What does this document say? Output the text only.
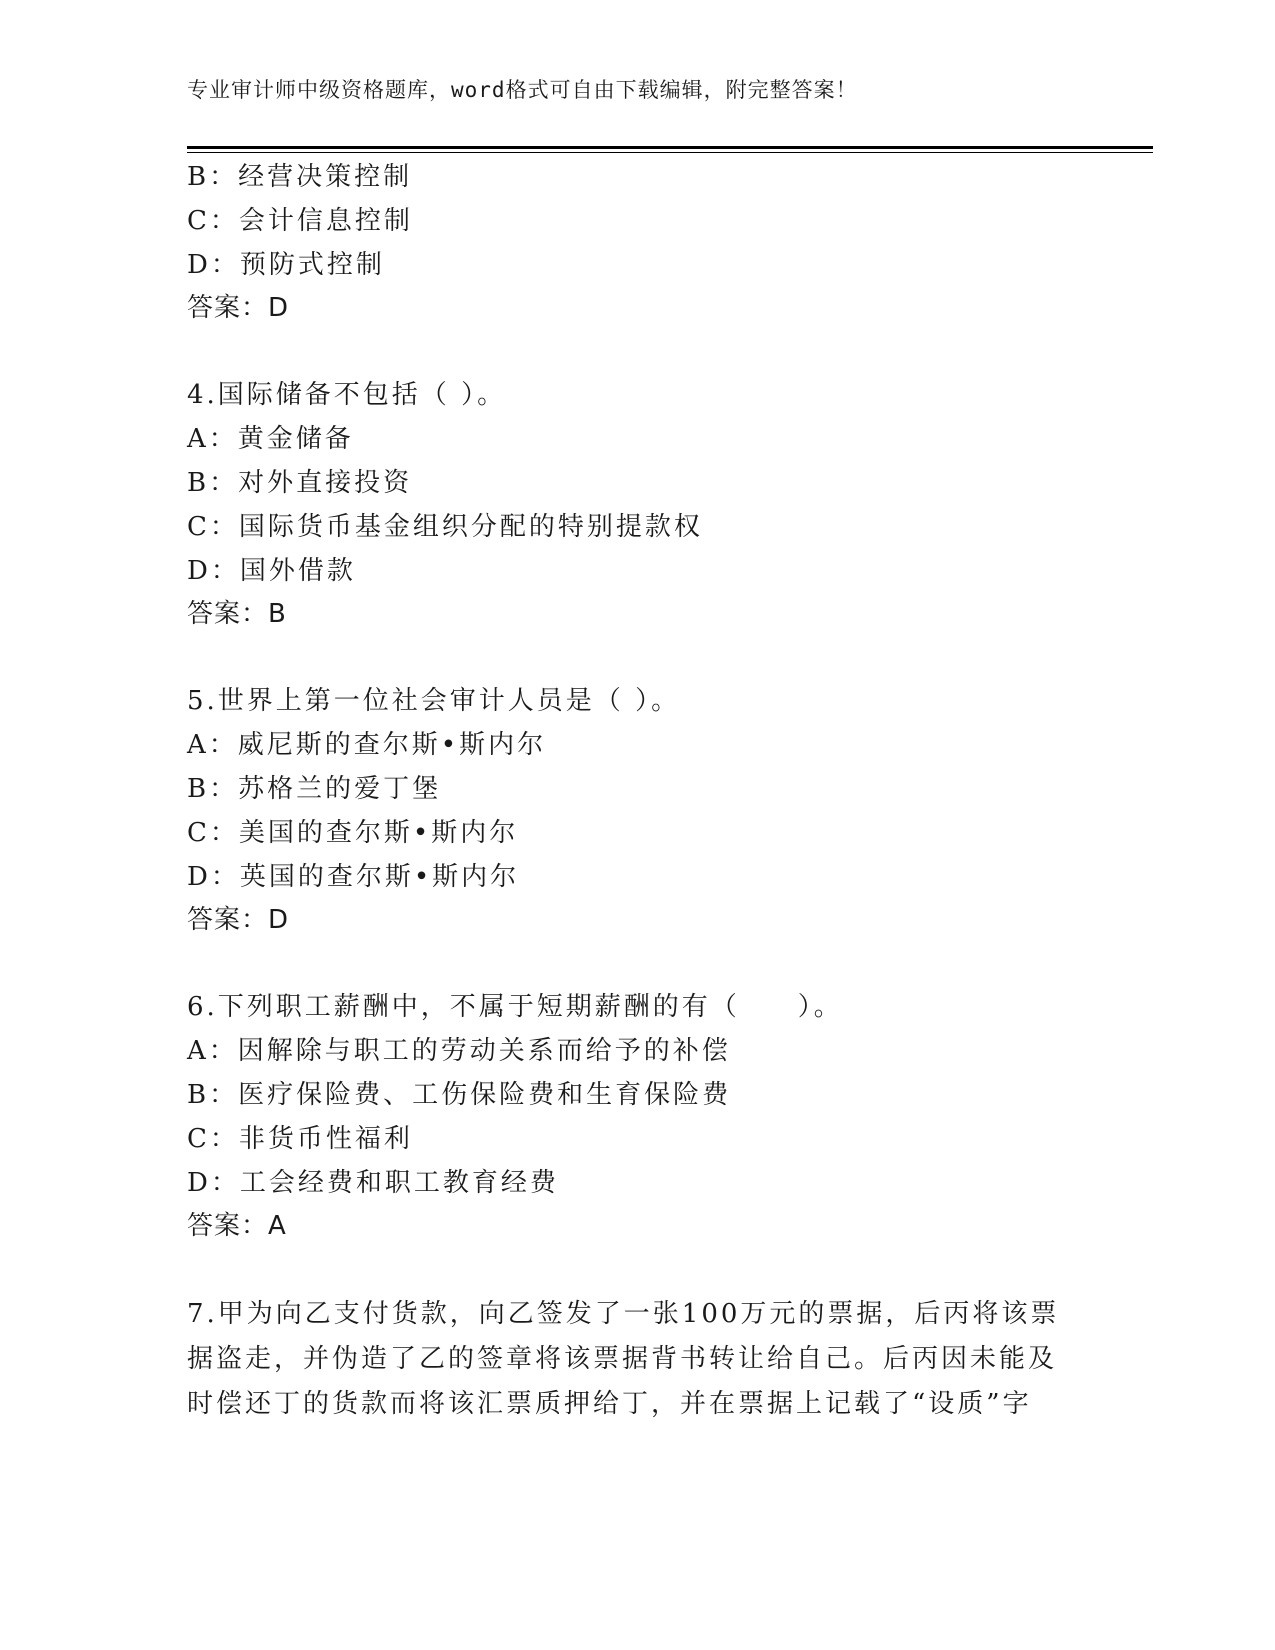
专业审计师中级资格题库，word格式可自由下载编辑，附完整答案！
B：经营决策控制
C：会计信息控制
D：预防式控制
答案：D
4.国际储备不包括（ ）。
A：黄金储备
B：对外直接投资
C：国际货币基金组织分配的特别提款权
D：国外借款
答案：B
5.世界上第一位社会审计人员是（ ）。
A：威尼斯的查尔斯•斯内尔
B：苏格兰的爱丁堡
C：美国的查尔斯•斯内尔
D：英国的查尔斯•斯内尔
答案：D
6.下列职工薪酬中，不属于短期薪酬的有（　　）。
A：因解除与职工的劳动关系而给予的补偿
B：医疗保险费、工伤保险费和生育保险费
C：非货币性福利
D：工会经费和职工教育经费
答案：A
7.甲为向乙支付货款，向乙签发了一张100万元的票据，后丙将该票
据盗走，并伪造了乙的签章将该票据背书转让给自己。后丙因未能及
时偿还丁的货款而将该汇票质押给丁，并在票据上记载了“设质”字
